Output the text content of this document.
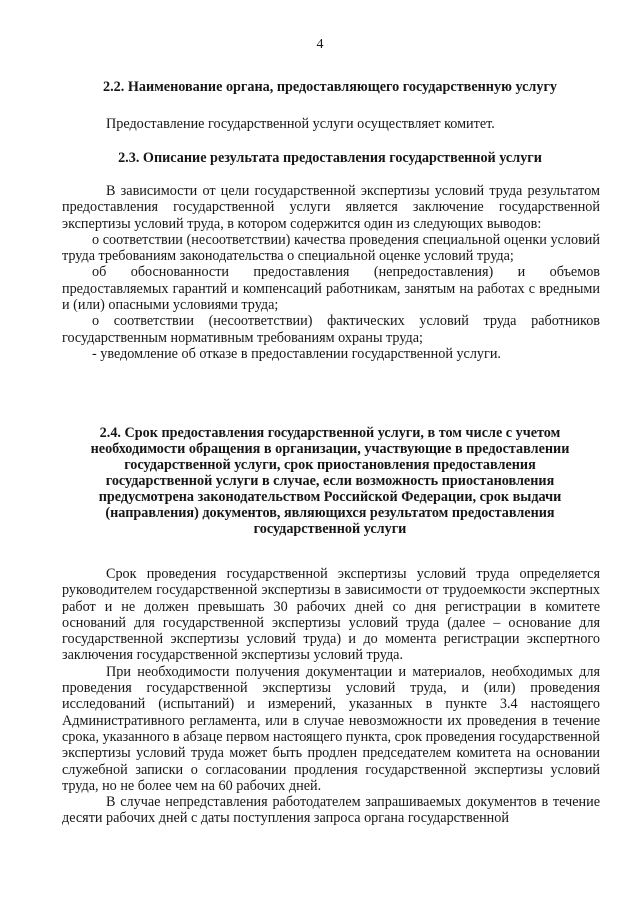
4
2.2. Наименование органа, предоставляющего государственную услугу

Предоставление государственной услуги осуществляет комитет.

2.3. Описание результата предоставления государственной услуги

В зависимости от цели государственной экспертизы условий труда результатом предоставления государственной услуги является заключение государственной экспертизы условий труда, в котором содержится один из следующих выводов:

о соответствии (несоответствии) качества проведения специальной оценки условий труда требованиям законодательства о специальной оценке условий труда;

об обоснованности предоставления (непредоставления) и объемов предоставляемых гарантий и компенсаций работникам, занятым на работах с вредными и (или) опасными условиями труда;

о соответствии (несоответствии) фактических условий труда работников государственным нормативным требованиям охраны труда;

- уведомление об отказе в предоставлении государственной услуги.

2.4. Срок предоставления государственной услуги, в том числе с учетом необходимости обращения в организации, участвующие в предоставлении государственной услуги, срок приостановления предоставления государственной услуги в случае, если возможность приостановления предусмотрена законодательством Российской Федерации, срок выдачи (направления) документов, являющихся результатом предоставления государственной услуги

Срок проведения государственной экспертизы условий труда определяется руководителем государственной экспертизы в зависимости от трудоемкости экспертных работ и не должен превышать 30 рабочих дней со дня регистрации в комитете оснований для государственной экспертизы условий труда (далее – основание для государственной экспертизы условий труда) и до момента регистрации экспертного заключения государственной экспертизы условий труда.

При необходимости получения документации и материалов, необходимых для проведения государственной экспертизы условий труда, и (или) проведения исследований (испытаний) и измерений, указанных в пункте 3.4 настоящего Административного регламента, или в случае невозможности их проведения в течение срока, указанного в абзаце первом настоящего пункта, срок проведения государственной экспертизы условий труда может быть продлен председателем комитета на основании служебной записки о согласовании продления государственной экспертизы условий труда, но не более чем на 60 рабочих дней.

В случае непредставления работодателем запрашиваемых документов в течение десяти рабочих дней с даты поступления запроса органа государственной
